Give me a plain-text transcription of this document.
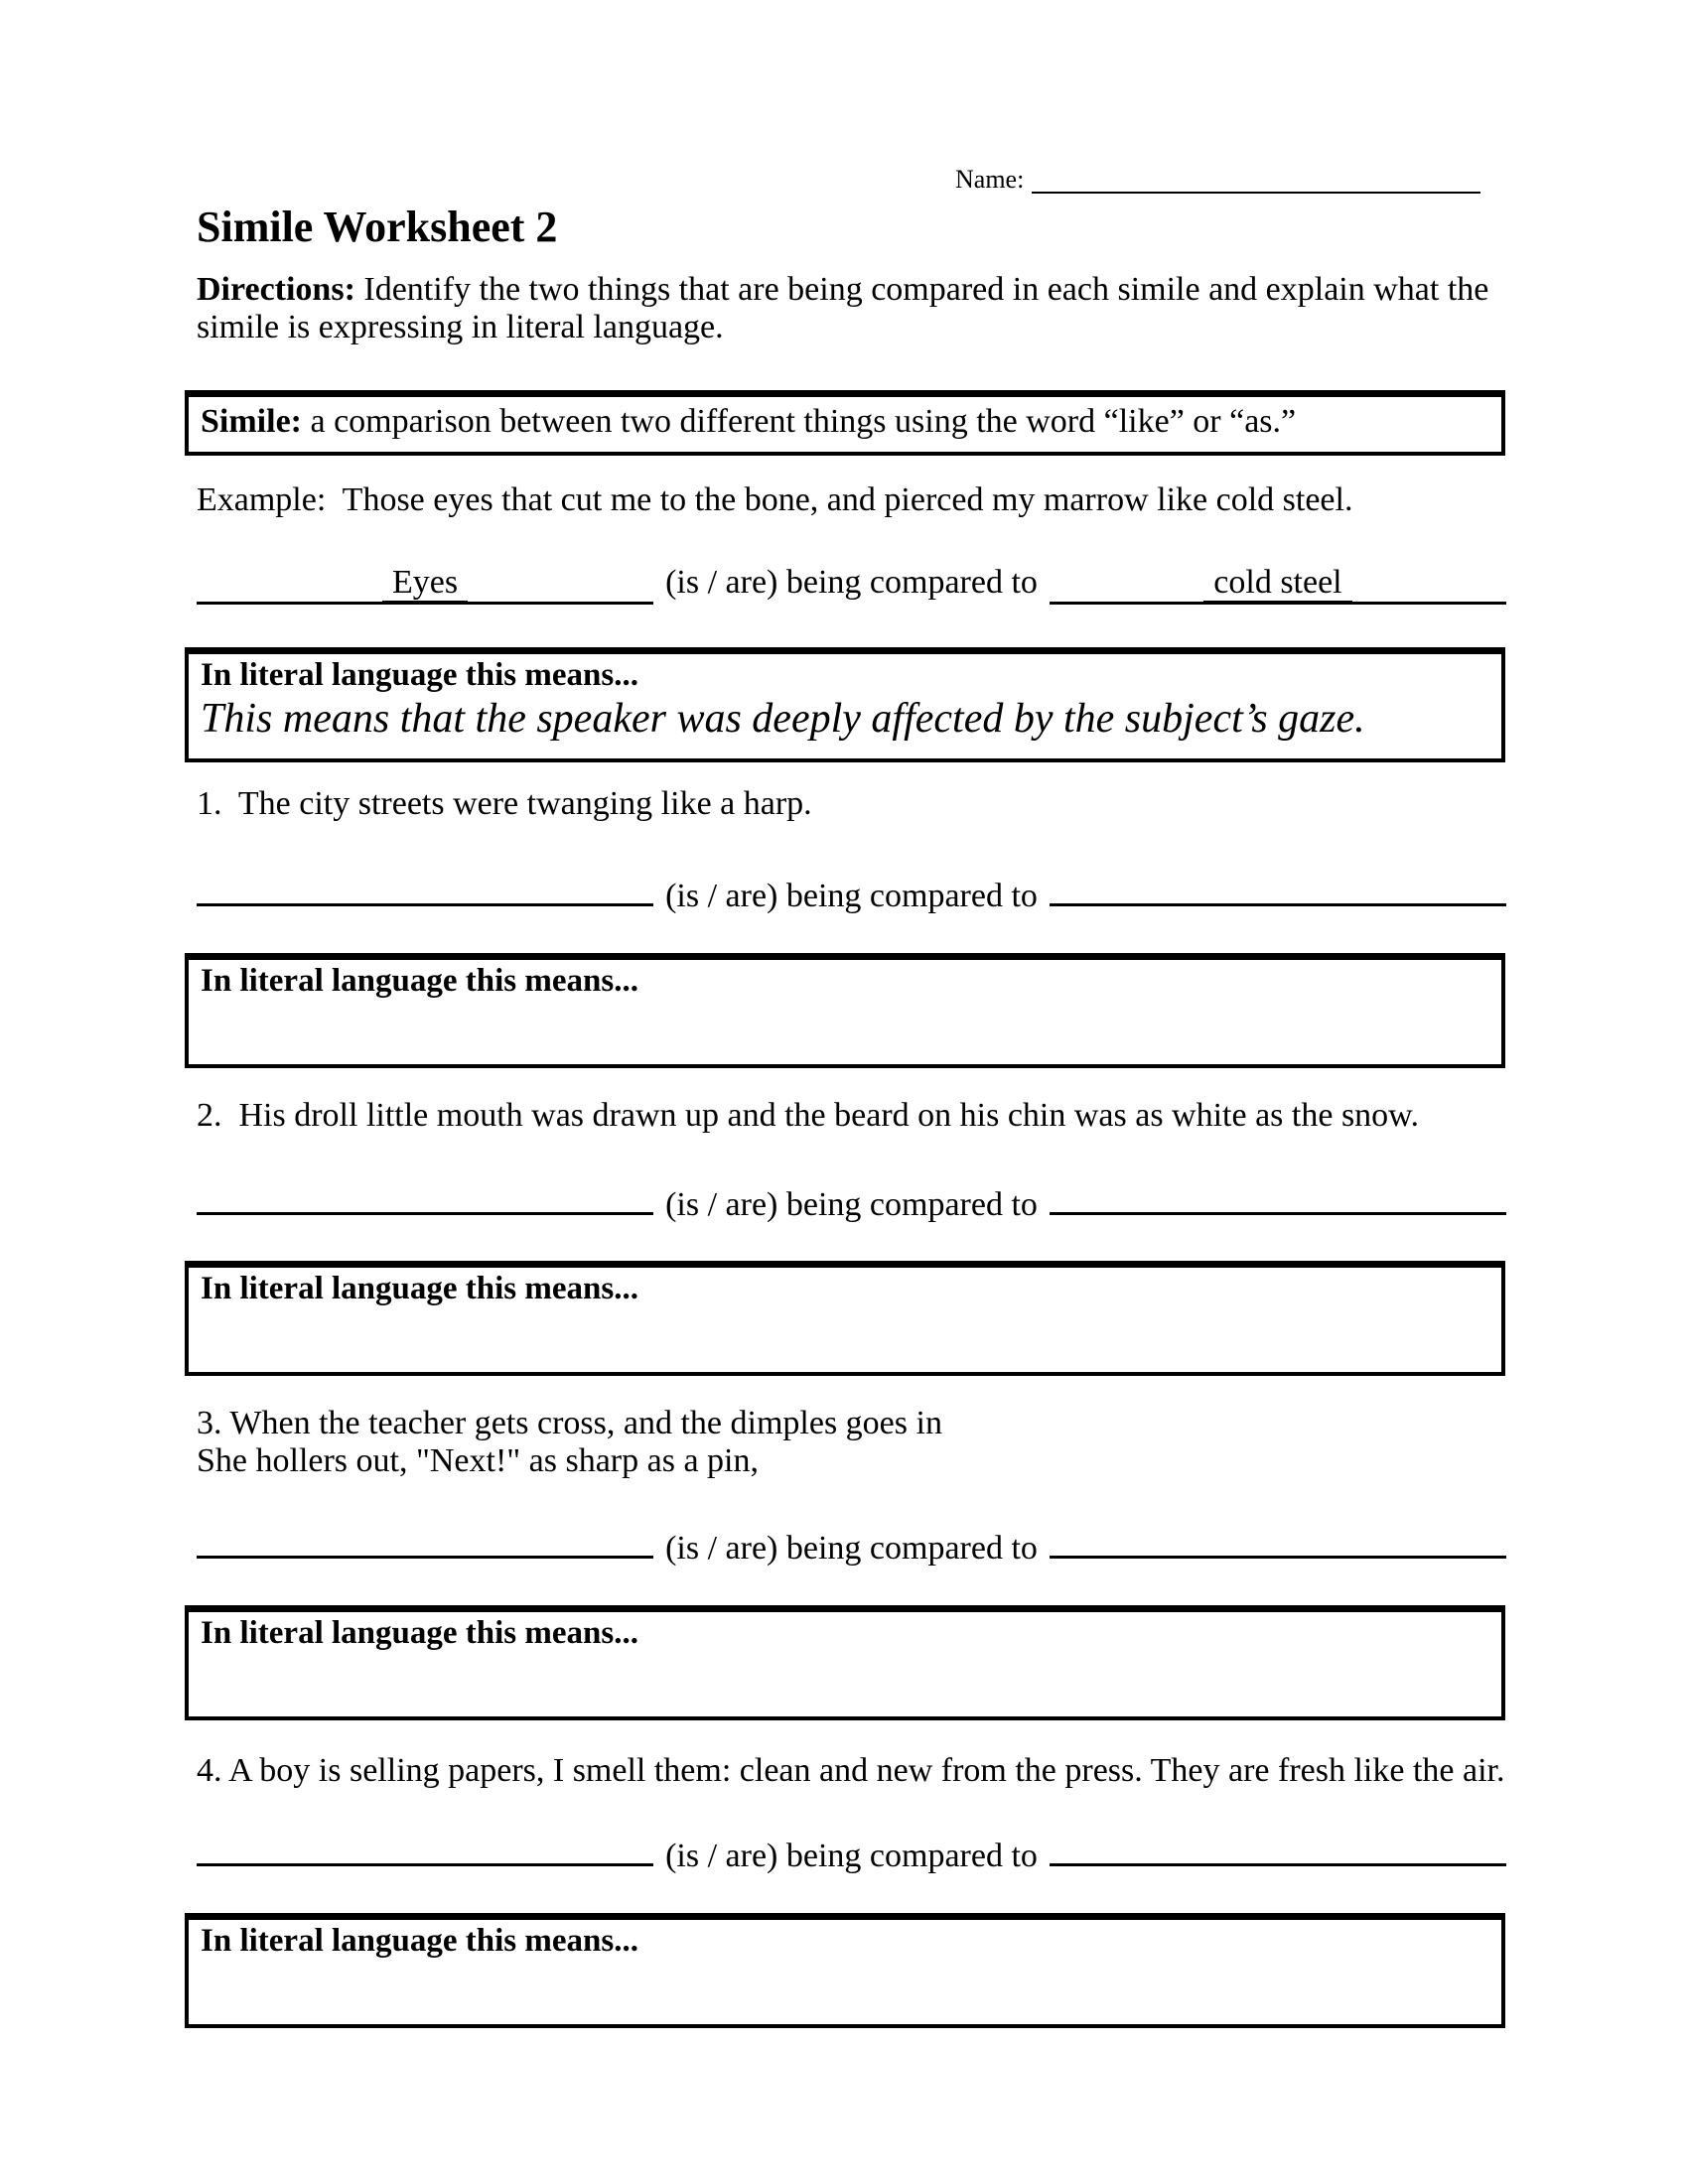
Name:
Simile Worksheet 2

Directions: Identify the two things that are being compared in each simile and explain what the
simile is expressing in literal language.

Simile: a comparison between two different things using the word “like” or “as.”

Example:  Those eyes that cut me to the bone, and pierced my marrow like cold steel.

Eyes	(is / are) being compared to	cold steel
In literal language this means...
This means that the speaker was deeply affected by the subject’s gaze.

1.  The city streets were twanging like a harp.

(is / are) being compared to
In literal language this means...

2.  His droll little mouth was drawn up and the beard on his chin was as white as the snow.

(is / are) being compared to
In literal language this means...

3. When the teacher gets cross, and the dimples goes in
She hollers out, "Next!" as sharp as a pin,

(is / are) being compared to
In literal language this means...

4. A boy is selling papers, I smell them: clean and new from the press. They are fresh like the air.

(is / are) being compared to
In literal language this means...
